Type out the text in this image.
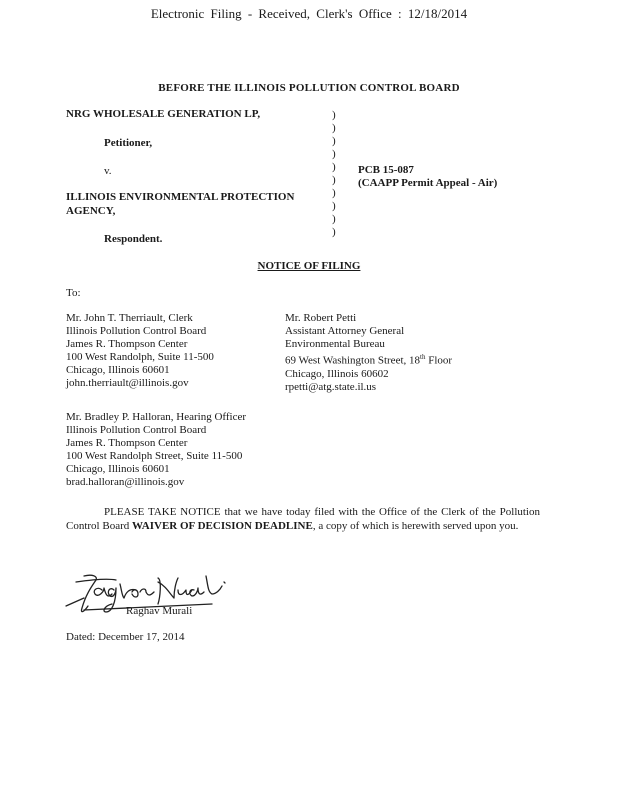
Electronic Filing - Received, Clerk's Office : 12/18/2014
BEFORE THE ILLINOIS POLLUTION CONTROL BOARD
NRG WHOLESALE GENERATION LP,
Petitioner,
v.
ILLINOIS ENVIRONMENTAL PROTECTION
AGENCY,
Respondent.
)
)
)
)
)
)
)
)
)
)
PCB 15-087
(CAAPP Permit Appeal - Air)
NOTICE OF FILING
To:
Mr. John T. Therriault, Clerk
Illinois Pollution Control Board
James R. Thompson Center
100 West Randolph, Suite 11-500
Chicago, Illinois 60601
john.therriault@illinois.gov
Mr. Robert Petti
Assistant Attorney General
Environmental Bureau
69 West Washington Street, 18th Floor
Chicago, Illinois 60602
rpetti@atg.state.il.us
Mr. Bradley P. Halloran, Hearing Officer
Illinois Pollution Control Board
James R. Thompson Center
100 West Randolph Street, Suite 11-500
Chicago, Illinois 60601
brad.halloran@illinois.gov
PLEASE TAKE NOTICE that we have today filed with the Office of the Clerk of the Pollution Control Board WAIVER OF DECISION DEADLINE, a copy of which is herewith served upon you.
Raghav Murali
Dated: December 17, 2014
